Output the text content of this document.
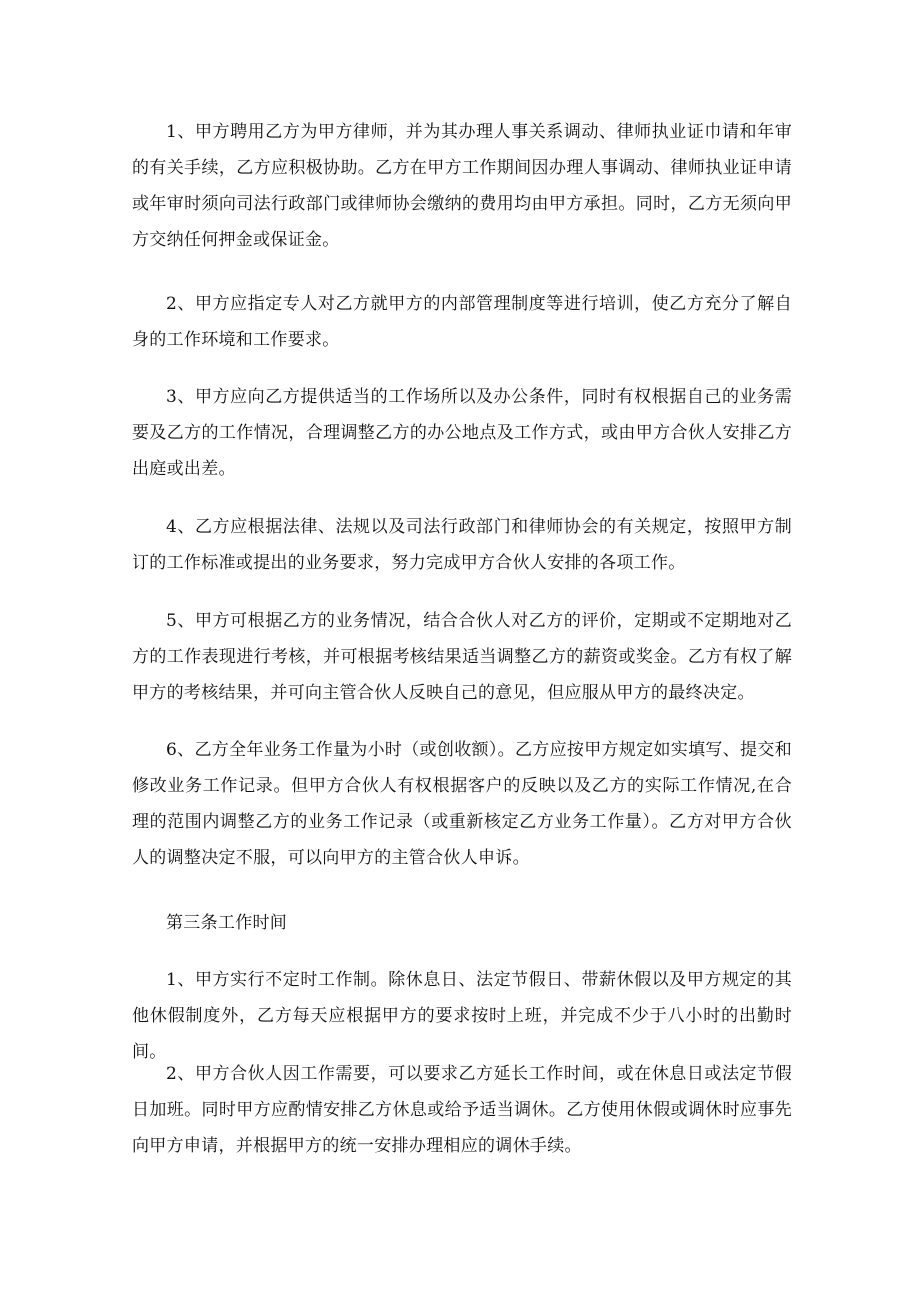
1、甲方聘用乙方为甲方律师，并为其办理人事关系调动、律师执业证巾请和年审的有关手续，乙方应积极协助。乙方在甲方工作期间因办理人事调动、律师执业证申请或年审时须向司法行政部门或律师协会缴纳的费用均由甲方承担。同时，乙方无须向甲方交纳任何押金或保证金。

2、甲方应指定专人对乙方就甲方的内部管理制度等进行培训，使乙方充分了解自身的工作环境和工作要求。

3、甲方应向乙方提供适当的工作场所以及办公条件，同时有权根据自己的业务需要及乙方的工作情况，合理调整乙方的办公地点及工作方式，或由甲方合伙人安排乙方出庭或出差。

4、乙方应根据法律、法规以及司法行政部门和律师协会的有关规定，按照甲方制订的工作标准或提出的业务要求，努力完成甲方合伙人安排的各项工作。

5、甲方可根据乙方的业务情况，结合合伙人对乙方的评价，定期或不定期地对乙方的工作表现进行考核，并可根据考核结果适当调整乙方的薪资或奖金。乙方有权了解甲方的考核结果，并可向主管合伙人反映自己的意见，但应服从甲方的最终决定。

6、乙方全年业务工作量为小时（或创收额）。乙方应按甲方规定如实填写、提交和修改业务工作记录。但甲方合伙人有权根据客户的反映以及乙方的实际工作情况,在合理的范围内调整乙方的业务工作记录（或重新核定乙方业务工作量）。乙方对甲方合伙人的调整决定不服，可以向甲方的主管合伙人申诉。

第三条工作时间

1、甲方实行不定时工作制。除休息日、法定节假日、带薪休假以及甲方规定的其他休假制度外，乙方每天应根据甲方的要求按时上班，并完成不少于八小时的出勤时间。

2、甲方合伙人因工作需要，可以要求乙方延长工作时间，或在休息日或法定节假日加班。同时甲方应酌情安排乙方休息或给予适当调休。乙方使用休假或调休时应事先向甲方申请，并根据甲方的统一安排办理相应的调休手续。
